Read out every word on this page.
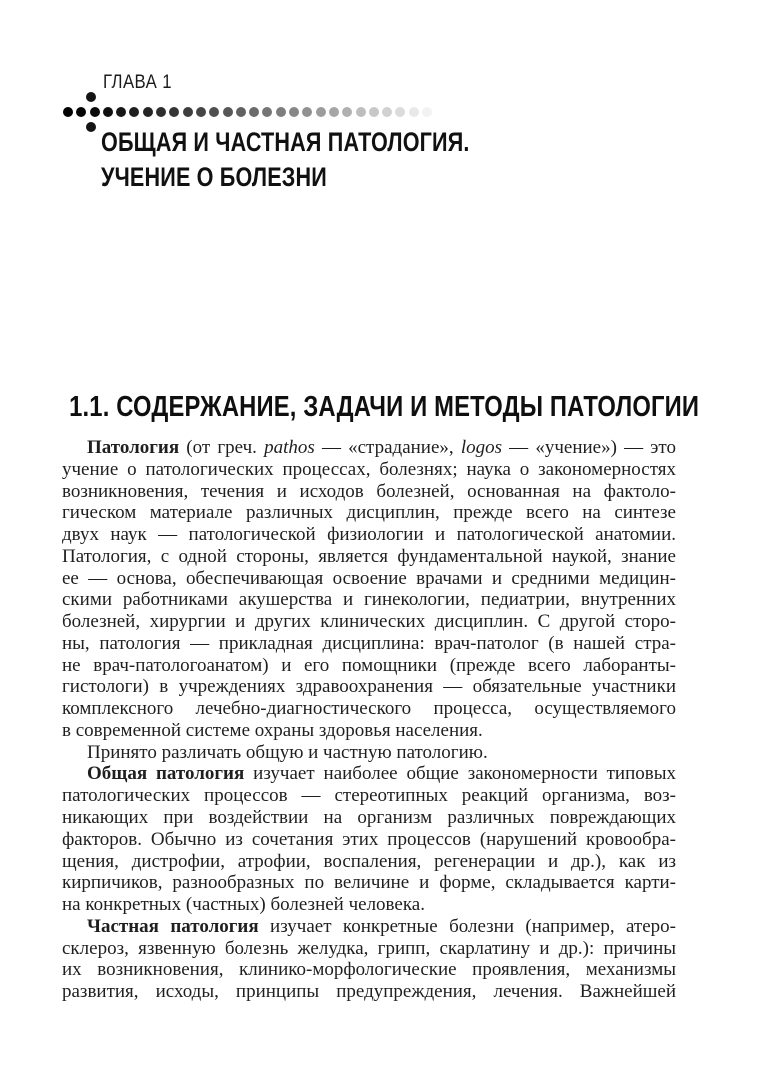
ГЛАВА 1
ОБЩАЯ И ЧАСТНАЯ ПАТОЛОГИЯ.
УЧЕНИЕ О БОЛЕЗНИ
1.1. СОДЕРЖАНИЕ, ЗАДАЧИ И МЕТОДЫ ПАТОЛОГИИ
Патология (от греч. pathos — «страдание», logos — «учение») — это
учение о патологических процессах, болезнях; наука о закономерностях
возникновения, течения и исходов болезней, основанная на фактоло-
гическом материале различных дисциплин, прежде всего на синтезе
двух наук — патологической физиологии и патологической анатомии.
Патология, с одной стороны, является фундаментальной наукой, знание
ее — основа, обеспечивающая освоение врачами и средними медицин-
скими работниками акушерства и гинекологии, педиатрии, внутренних
болезней, хирургии и других клинических дисциплин. С другой сторо-
ны, патология — прикладная дисциплина: врач-патолог (в нашей стра-
не врач-патологоанатом) и его помощники (прежде всего лаборанты-
гистологи) в учреждениях здравоохранения — обязательные участники
комплексного лечебно-диагностического процесса, осуществляемого
в современной системе охраны здоровья населения.
Принято различать общую и частную патологию.
Общая патология изучает наиболее общие закономерности типовых
патологических процессов — стереотипных реакций организма, воз-
никающих при воздействии на организм различных повреждающих
факторов. Обычно из сочетания этих процессов (нарушений кровообра-
щения, дистрофии, атрофии, воспаления, регенерации и др.), как из
кирпичиков, разнообразных по величине и форме, складывается карти-
на конкретных (частных) болезней человека.
Частная патология изучает конкретные болезни (например, атеро-
склероз, язвенную болезнь желудка, грипп, скарлатину и др.): причины
их возникновения, клинико-морфологические проявления, механизмы
развития, исходы, принципы предупреждения, лечения. Важнейшей
